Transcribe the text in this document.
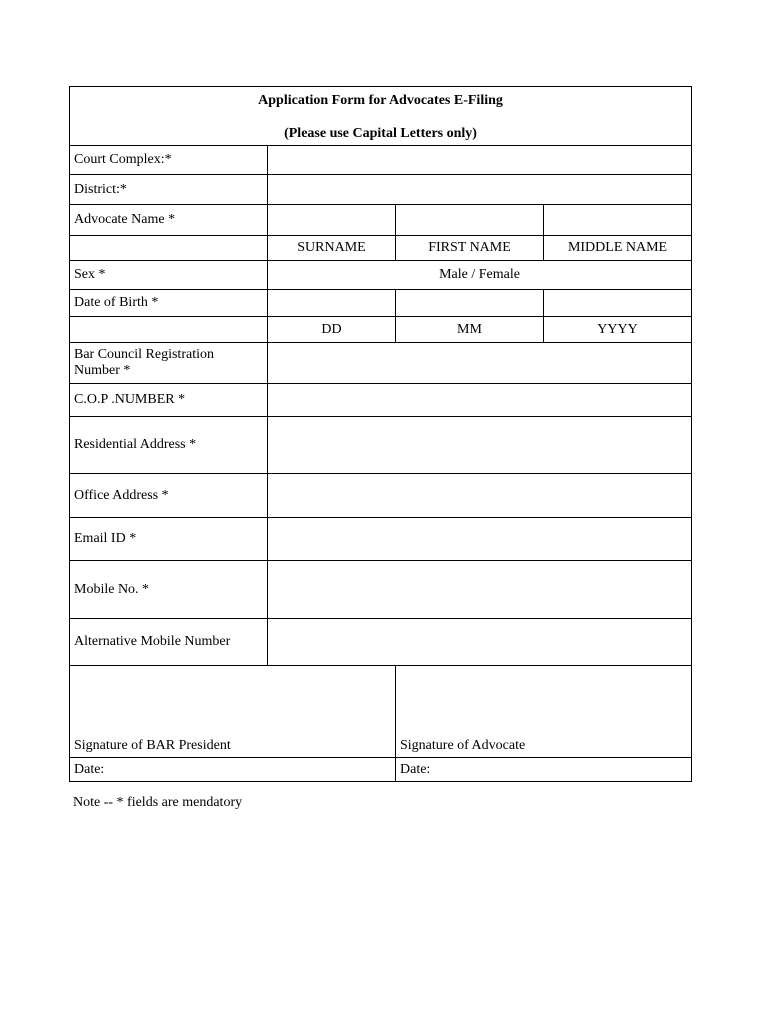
Application Form for Advocates E-Filing
(Please use Capital Letters only)			

Court Complex:*			
District:*			
Advocate Name *			
	SURNAME	FIRST NAME	MIDDLE NAME
Sex *	Male / Female		
Date of Birth *			
	DD	MM	YYYY
Bar Council Registration Number *			
C.O.P .NUMBER *			
Residential Address *			
Office Address *			
Email ID *			
Mobile No. *			
Alternative Mobile Number			
Signature of BAR President		Signature of Advocate	
Date:		Date:	
Note -- * fields are mendatory
